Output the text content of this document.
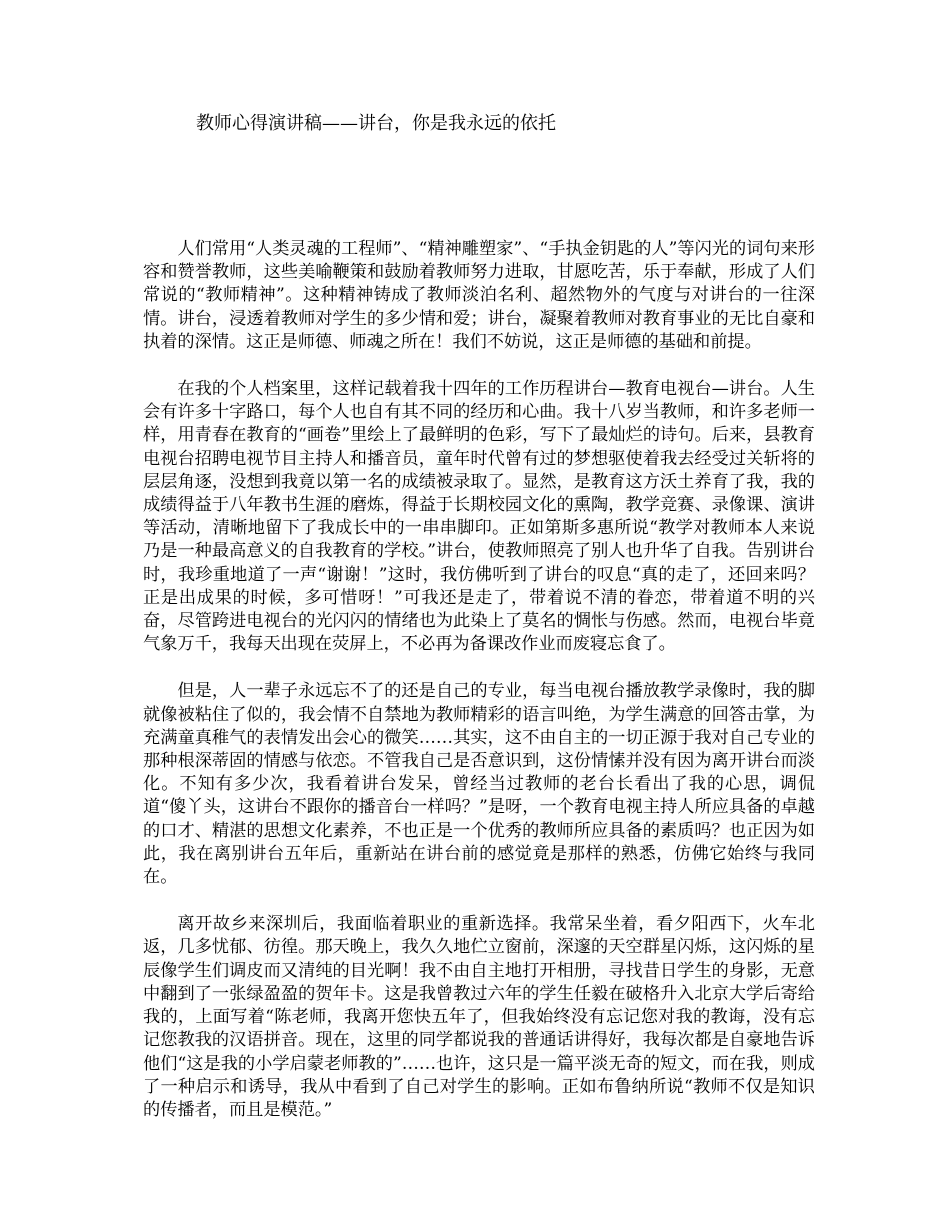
教师心得演讲稿——讲台，你是我永远的依托

人们常用“人类灵魂的工程师”、“精神雕塑家”、“手执金钥匙的人”等闪光的词句来形容和赞誉教师，这些美喻鞭策和鼓励着教师努力进取，甘愿吃苦，乐于奉献，形成了人们常说的“教师精神”。这种精神铸成了教师淡泊名利、超然物外的气度与对讲台的一往深情。讲台，浸透着教师对学生的多少情和爱；讲台，凝聚着教师对教育事业的无比自豪和执着的深情。这正是师德、师魂之所在！我们不妨说，这正是师德的基础和前提。

在我的个人档案里，这样记载着我十四年的工作历程讲台—教育电视台—讲台。人生会有许多十字路口，每个人也自有其不同的经历和心曲。我十八岁当教师，和许多老师一样，用青春在教育的“画卷”里绘上了最鲜明的色彩，写下了最灿烂的诗句。后来，县教育电视台招聘电视节目主持人和播音员，童年时代曾有过的梦想驱使着我去经受过关斩将的层层角逐，没想到我竟以第一名的成绩被录取了。显然，是教育这方沃土养育了我，我的成绩得益于八年教书生涯的磨炼，得益于长期校园文化的熏陶，教学竞赛、录像课、演讲等活动，清晰地留下了我成长中的一串串脚印。正如第斯多惠所说“教学对教师本人来说乃是一种最高意义的自我教育的学校。”讲台，使教师照亮了别人也升华了自我。告别讲台时，我珍重地道了一声“谢谢！”这时，我仿佛听到了讲台的叹息“真的走了，还回来吗？正是出成果的时候，多可惜呀！”可我还是走了，带着说不清的眷恋，带着道不明的兴奋，尽管跨进电视台的光闪闪的情绪也为此染上了莫名的惆怅与伤感。然而，电视台毕竟气象万千，我每天出现在荧屏上，不必再为备课改作业而废寝忘食了。

但是，人一辈子永远忘不了的还是自己的专业，每当电视台播放教学录像时，我的脚就像被粘住了似的，我会情不自禁地为教师精彩的语言叫绝，为学生满意的回答击掌，为充满童真稚气的表情发出会心的微笑……其实，这不由自主的一切正源于我对自己专业的那种根深蒂固的情感与依恋。不管我自己是否意识到，这份情愫并没有因为离开讲台而淡化。不知有多少次，我看着讲台发呆，曾经当过教师的老台长看出了我的心思，调侃道“傻丫头，这讲台不跟你的播音台一样吗？”是呀，一个教育电视主持人所应具备的卓越的口才、精湛的思想文化素养，不也正是一个优秀的教师所应具备的素质吗？也正因为如此，我在离别讲台五年后，重新站在讲台前的感觉竟是那样的熟悉，仿佛它始终与我同在。

离开故乡来深圳后，我面临着职业的重新选择。我常呆坐着，看夕阳西下，火车北返，几多忧郁、彷徨。那天晚上，我久久地伫立窗前，深邃的天空群星闪烁，这闪烁的星辰像学生们调皮而又清纯的目光啊！我不由自主地打开相册，寻找昔日学生的身影，无意中翻到了一张绿盈盈的贺年卡。这是我曾教过六年的学生任毅在破格升入北京大学后寄给我的，上面写着“陈老师，我离开您快五年了，但我始终没有忘记您对我的教诲，没有忘记您教我的汉语拼音。现在，这里的同学都说我的普通话讲得好，我每次都是自豪地告诉他们“这是我的小学启蒙老师教的”……也许，这只是一篇平淡无奇的短文，而在我，则成了一种启示和诱导，我从中看到了自己对学生的影响。正如布鲁纳所说“教师不仅是知识的传播者，而且是模范。”
